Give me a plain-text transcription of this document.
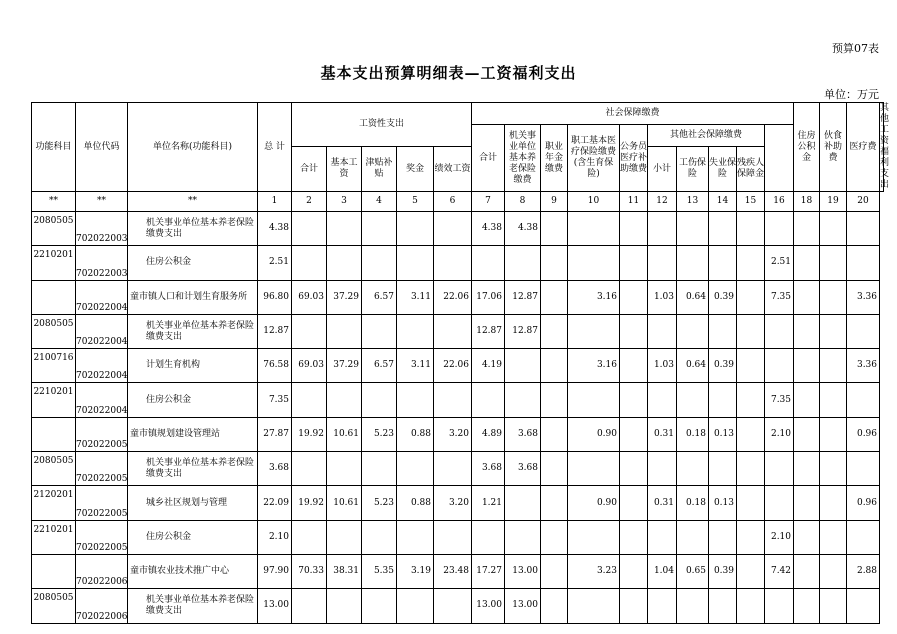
预算07表
基本支出预算明细表—工资福利支出
单位：万元
功能科目	单位代码	单位名称(功能科目)	总 计	工资性支出					社会保障缴费										住房公积金	伙食补助费	医疗费	其他工资福利支出
									合计	机关事业单位基本养老保险缴费	职业年金缴费	职工基本医疗保险缴费(含生育保险)	公务员医疗补助缴费	其他社会保障缴费								
				合计	基本工资	津贴补贴	奖金	绩效工资						小计	工伤保险	失业保险	残疾人保障金					
**	**	**	1	2	3	4	5	6	7	8	9	10	11	12	13	14	15	16	18	19	20	
2080505	702022003	机关事业单位基本养老保险缴费支出	4.38						4.38	4.38												
2210201	702022003	住房公积金	2.51															2.51				
	702022004	童市镇人口和计划生育服务所	96.80	69.03	37.29	6.57	3.11	22.06	17.06	12.87		3.16		1.03	0.64	0.39		7.35			3.36	
2080505	702022004	机关事业单位基本养老保险缴费支出	12.87						12.87	12.87												
2100716	702022004	计划生育机构	76.58	69.03	37.29	6.57	3.11	22.06	4.19			3.16		1.03	0.64	0.39					3.36	
2210201	702022004	住房公积金	7.35															7.35				
	702022005	童市镇规划建设管理站	27.87	19.92	10.61	5.23	0.88	3.20	4.89	3.68		0.90		0.31	0.18	0.13		2.10			0.96	
2080505	702022005	机关事业单位基本养老保险缴费支出	3.68						3.68	3.68												
2120201	702022005	城乡社区规划与管理	22.09	19.92	10.61	5.23	0.88	3.20	1.21			0.90		0.31	0.18	0.13					0.96	
2210201	702022005	住房公积金	2.10															2.10				
	702022006	童市镇农业技术推广中心	97.90	70.33	38.31	5.35	3.19	23.48	17.27	13.00		3.23		1.04	0.65	0.39		7.42			2.88	
2080505	702022006	机关事业单位基本养老保险缴费支出	13.00						13.00	13.00												
